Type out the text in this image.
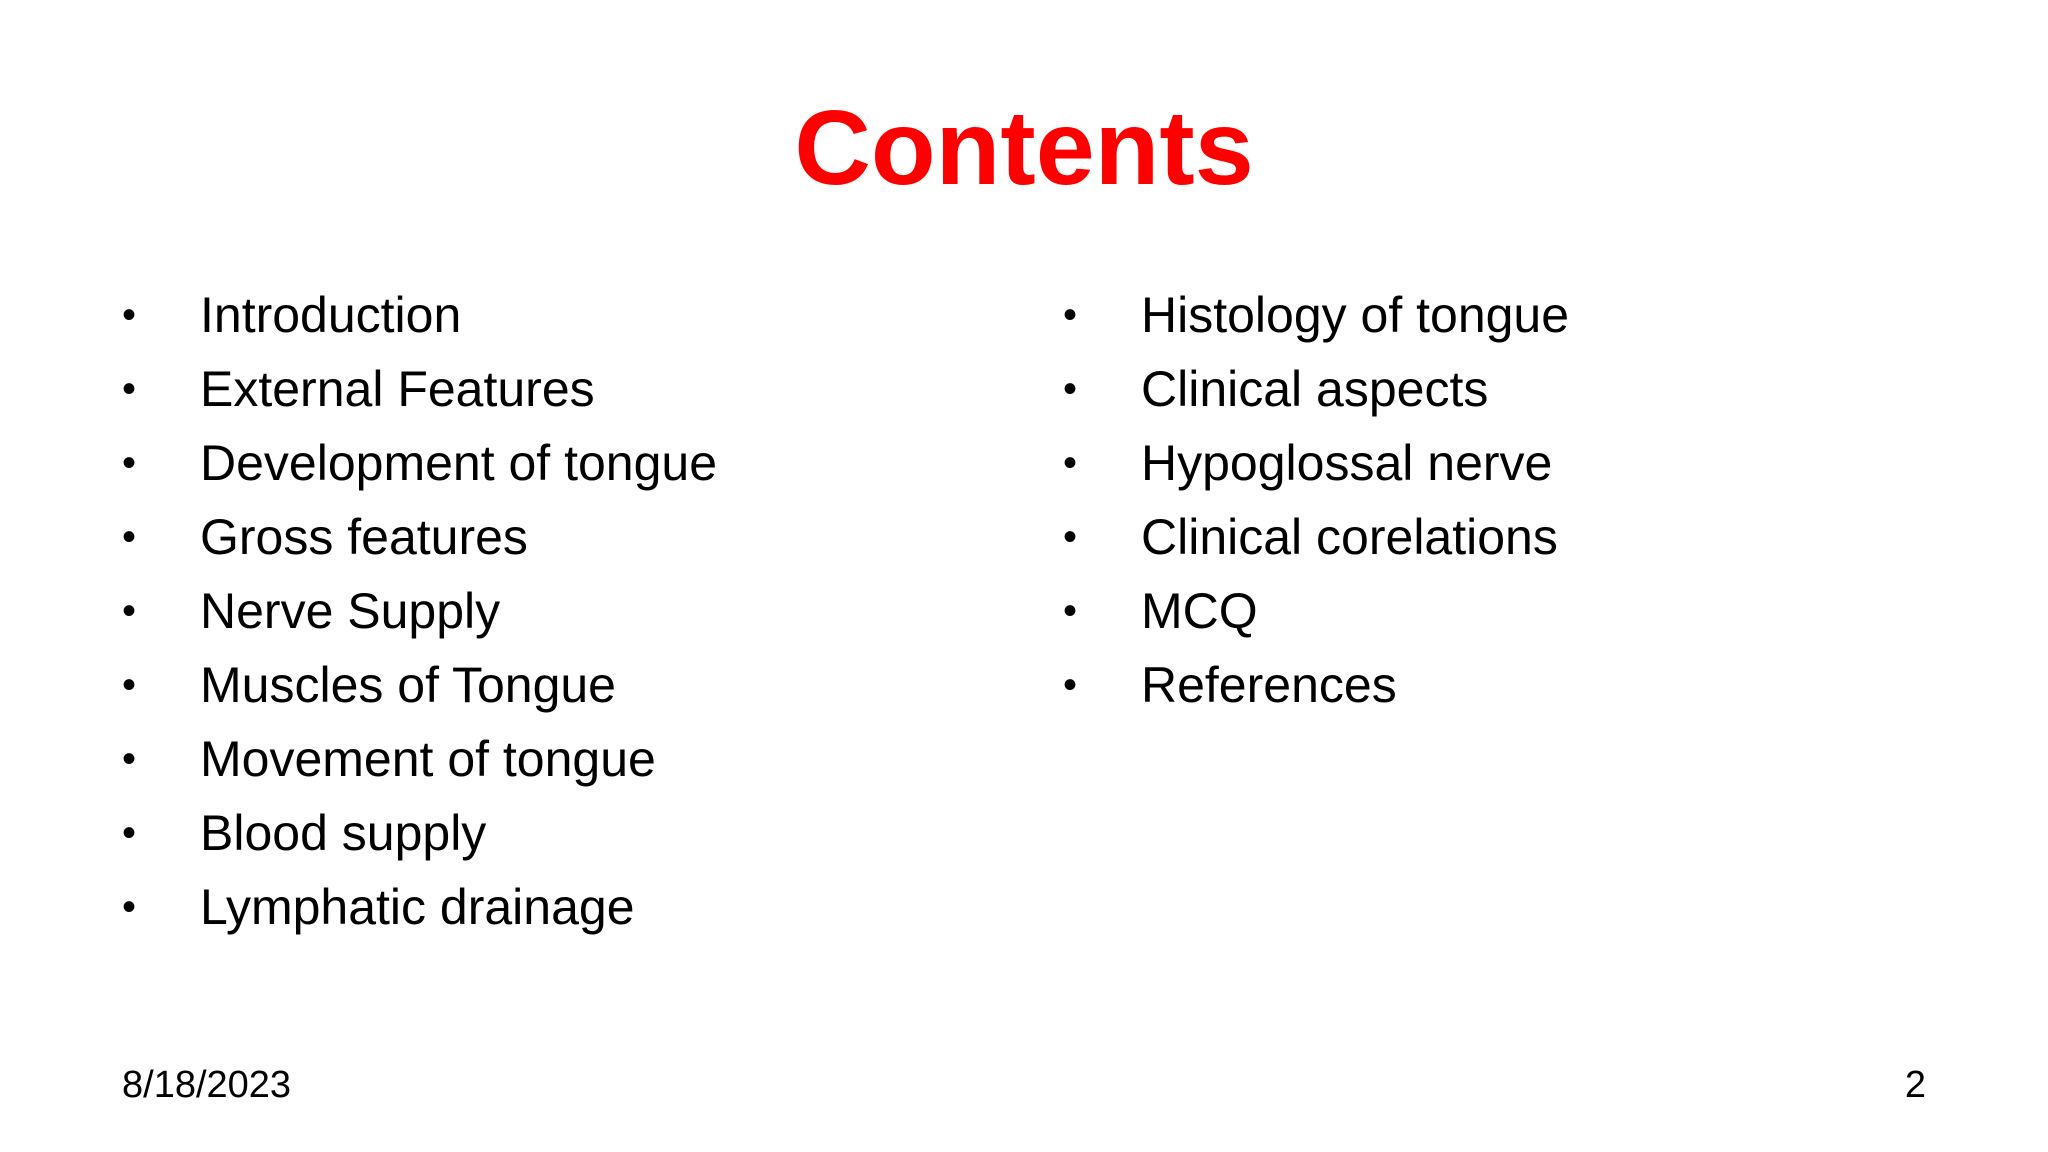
Contents
•	Introduction
•	External Features
•	Development of tongue
•	Gross features
•	Nerve Supply
•	Muscles of Tongue
•	Movement of tongue
•	Blood supply
•	Lymphatic drainage
•	Histology of tongue
•	Clinical aspects
•	Hypoglossal nerve
•	Clinical corelations
•	MCQ
•	References
8/18/2023	2
